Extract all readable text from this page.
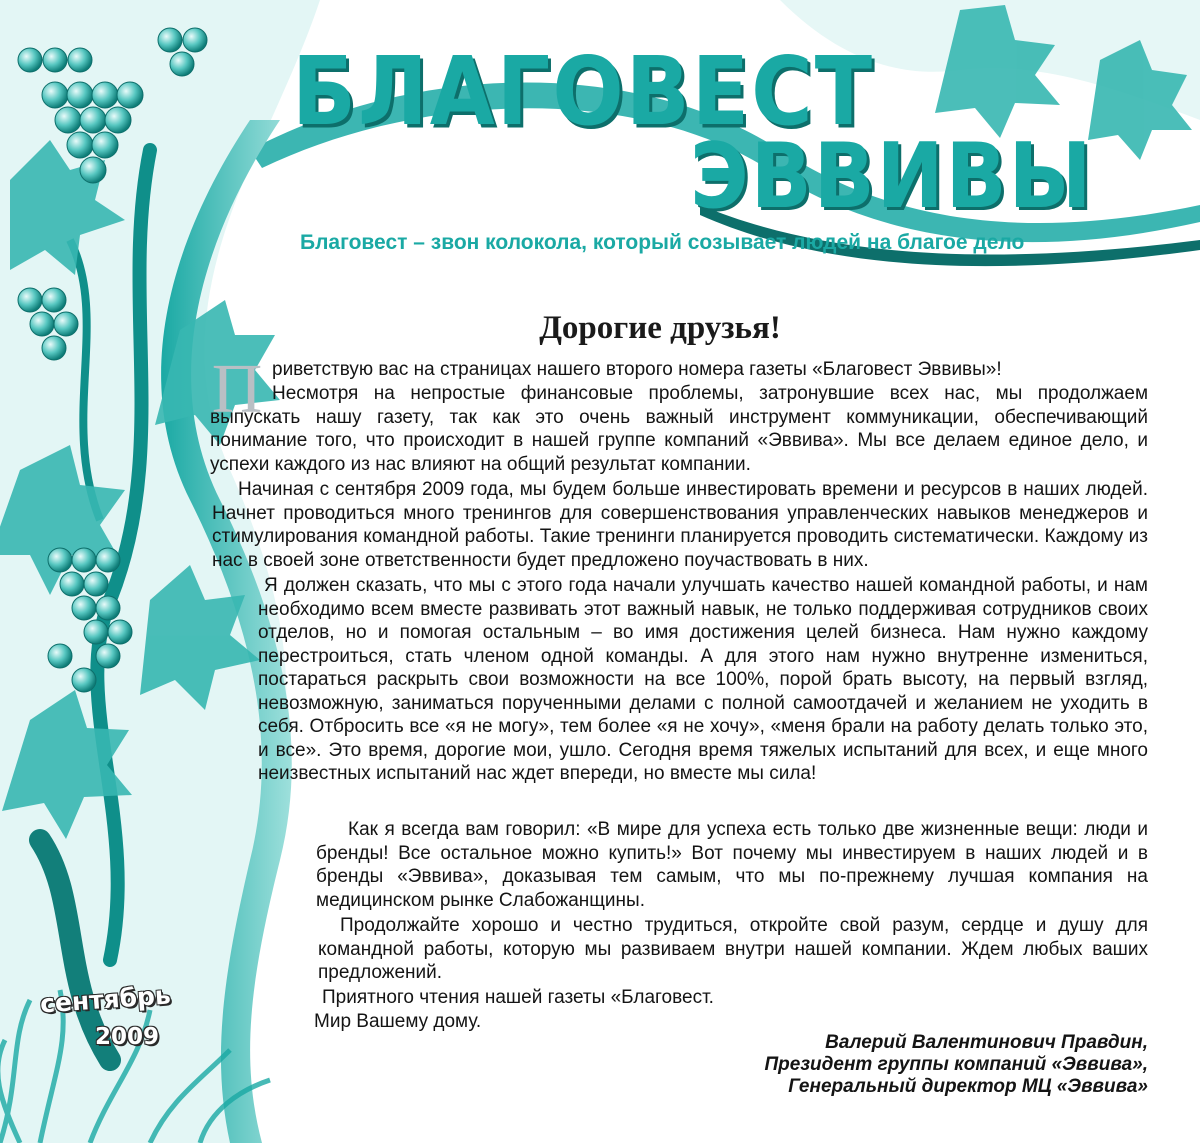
БЛАГОВЕСТ
ЭВВИВЫ

Благовест – звон колокола, который созывает людей на благое дело

Дорогие друзья!
П риветствую вас на страницах нашего второго номера газеты «Благовест Эввивы»!

Несмотря на непростые финансовые проблемы, затронувшие всех нас, мы продолжаем выпускать нашу газету, так как это очень важный инструмент коммуникации, обеспечивающий понимание того, что происходит в нашей группе компаний «Эввива». Мы все делаем единое дело, и успехи каждого из нас влияют на общий результат компании.

Начиная с сентября 2009 года, мы будем больше инвестировать времени и ресурсов в наших людей. Начнет проводиться много тренингов для совершенствования управленческих навыков менеджеров и стимулирования командной работы. Такие тренинги планируется проводить систематически. Каждому из нас в своей зоне ответственности будет предложено поучаствовать в них.

Я должен сказать, что мы с этого года начали улучшать качество нашей командной работы, и нам необходимо всем вместе развивать этот важный навык, не только поддерживая сотрудников своих отделов, но и помогая остальным – во имя достижения целей бизнеса. Нам нужно каждому перестроиться, стать членом одной команды. А для этого нам нужно внутренне измениться, постараться раскрыть свои возможности на все 100%, порой брать высоту, на первый взгляд, невозможную, заниматься порученными делами с полной самоотдачей и желанием не уходить в себя. Отбросить все «я не могу», тем более «я не хочу», «меня брали на работу делать только это, и все». Это время, дорогие мои, ушло. Сегодня время тяжелых испытаний для всех, и еще много неизвестных испытаний нас ждет впереди, но вместе мы сила!

Как я всегда вам говорил: «В мире для успеха есть только две жизненные вещи: люди и бренды! Все остальное можно купить!» Вот почему мы инвестируем в наших людей и в бренды «Эввива», доказывая тем самым, что мы по-прежнему лучшая компания на медицинском рынке Слабожанщины.

Продолжайте хорошо и честно трудиться, откройте свой разум, сердце и душу для командной работы, которую мы развиваем внутри нашей компании. Ждем любых ваших предложений.

Приятного чтения нашей газеты «Благовест.

Мир Вашему дому.

сентябрь

2009	Валерий Валентинович Правдин,

Президент группы компаний «Эввива»,

Генеральный директор МЦ «Эввива»
